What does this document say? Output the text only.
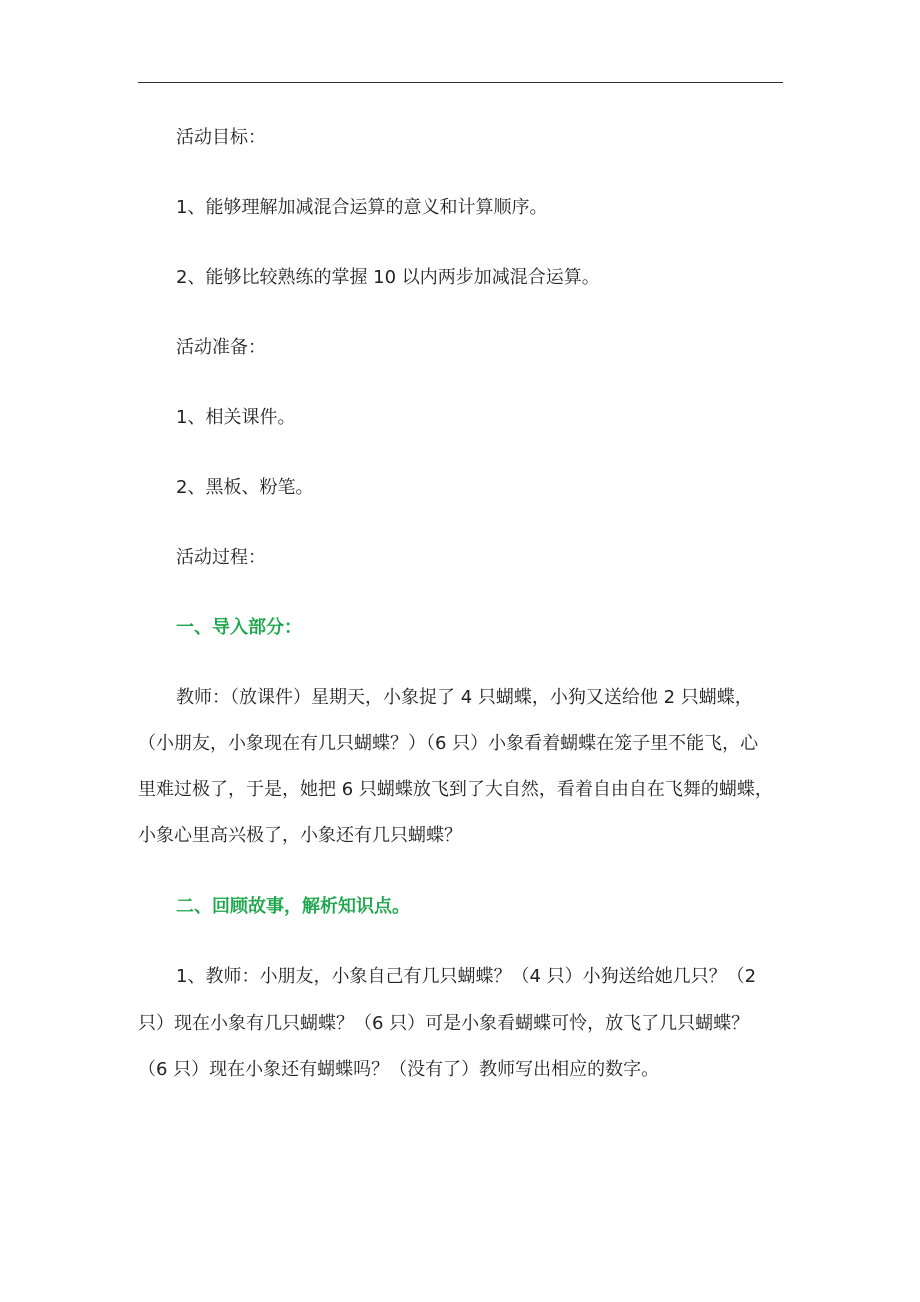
活动目标：

1、能够理解加减混合运算的意义和计算顺序。

2、能够比较熟练的掌握 10 以内两步加减混合运算。

活动准备：

1、相关课件。

2、黑板、粉笔。

活动过程：

一、导入部分：

教师：（放课件）星期天，小象捉了 4 只蝴蝶，小狗又送给他 2 只蝴蝶，

（小朋友，小象现在有几只蝴蝶？）（6 只）小象看着蝴蝶在笼子里不能飞，心

里难过极了，于是，她把 6 只蝴蝶放飞到了大自然，看着自由自在飞舞的蝴蝶，

小象心里高兴极了，小象还有几只蝴蝶？

二、回顾故事，解析知识点。

1、教师：小朋友，小象自己有几只蝴蝶？（4 只）小狗送给她几只？（2

只）现在小象有几只蝴蝶？（6 只）可是小象看蝴蝶可怜，放飞了几只蝴蝶？

（6 只）现在小象还有蝴蝶吗？（没有了）教师写出相应的数字。
